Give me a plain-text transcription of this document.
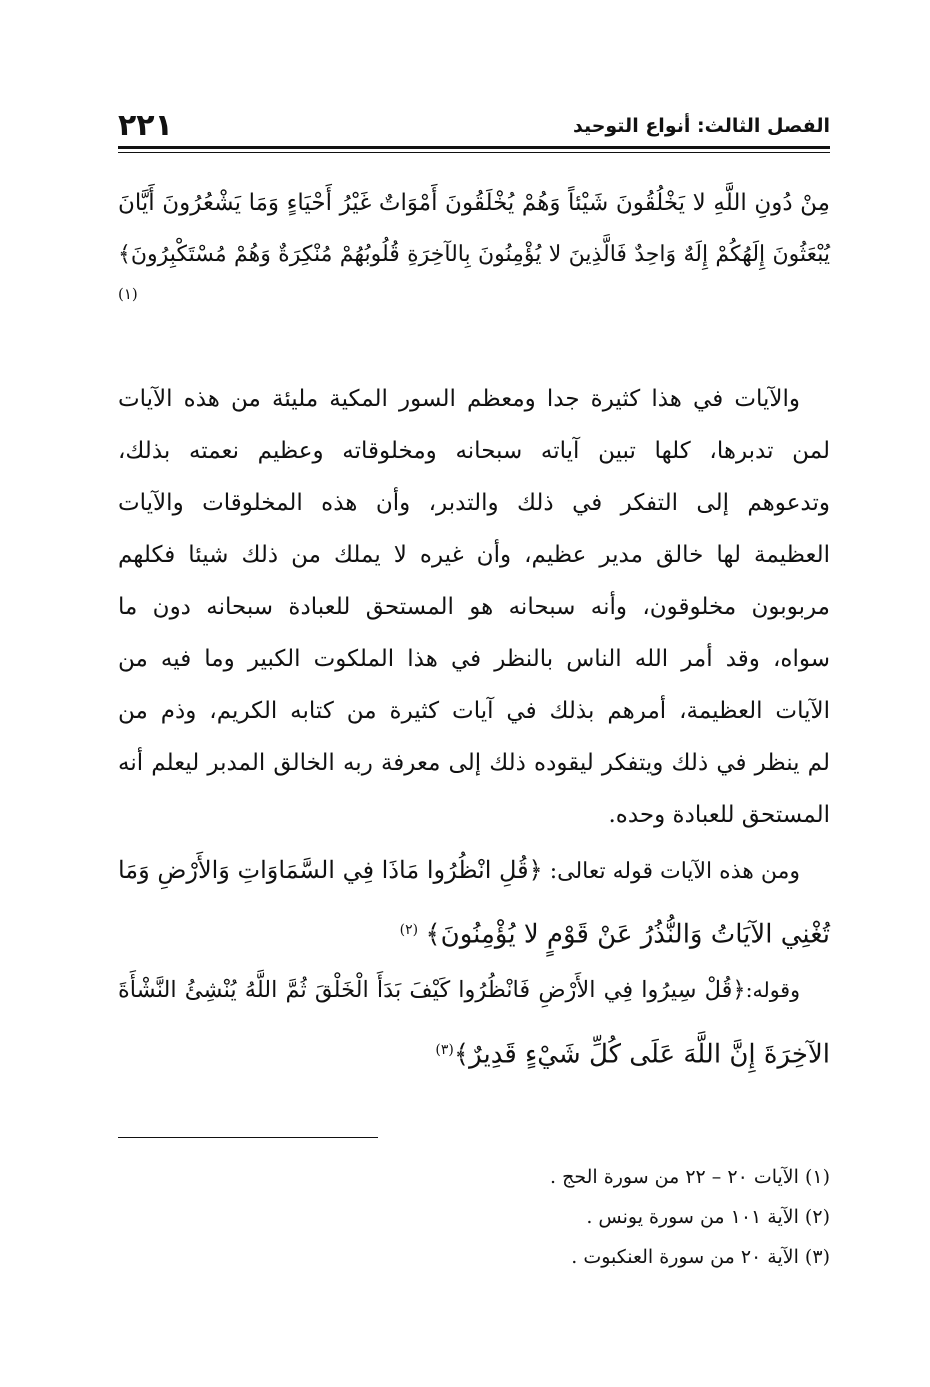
٢٢١	الفصل الثالث: أنواع التوحيد
مِنْ دُونِ اللَّهِ لا يَخْلُقُونَ شَيْئاً وَهُمْ يُخْلَقُونَ أَمْوَاتٌ غَيْرُ أَحْيَاءٍ وَمَا يَشْعُرُونَ أَيَّانَ
يُبْعَثُونَ إِلَهُكُمْ إِلَهٌ وَاحِدٌ فَالَّذِينَ لا يُؤْمِنُونَ بِالآخِرَةِ قُلُوبُهُمْ مُنْكِرَةٌ وَهُمْ مُسْتَكْبِرُونَ﴾
(١)
والآيات في هذا كثيرة جدا ومعظم السور المكية مليئة من هذه الآيات
لمن تدبرها، كلها تبين آياته سبحانه ومخلوقاته وعظيم نعمته بذلك،
وتدعوهم إلى التفكر في ذلك والتدبر، وأن هذه المخلوقات والآيات
العظيمة لها خالق مدير عظيم، وأن غيره لا يملك من ذلك شيئا فكلهم
مربوبون مخلوقون، وأنه سبحانه هو المستحق للعبادة سبحانه دون ما
سواه، وقد أمر الله الناس بالنظر في هذا الملكوت الكبير وما فيه من
الآيات العظيمة، أمرهم بذلك في آيات كثيرة من كتابه الكريم، وذم من
لم ينظر في ذلك ويتفكر ليقوده ذلك إلى معرفة ربه الخالق المدبر ليعلم أنه
المستحق للعبادة وحده.
ومن هذه الآيات قوله تعالى: ﴿قُلِ انْظُرُوا مَاذَا فِي السَّمَاوَاتِ وَالأَرْضِ وَمَا
تُغْنِي الآيَاتُ وَالنُّذُرُ عَنْ قَوْمٍ لا يُؤْمِنُونَ﴾ $^{(٢)}$
وقوله:﴿قُلْ سِيرُوا فِي الأَرْضِ فَانْظُرُوا كَيْفَ بَدَأَ الْخَلْقَ ثُمَّ اللَّهُ يُنْشِئُ النَّشْأَةَ
الآخِرَةَ إِنَّ اللَّهَ عَلَى كُلِّ شَيْءٍ قَدِيرٌ﴾$^{(٣)}$
(١) الآيات ٢٠ – ٢٢ من سورة الحج .
(٢) الآية ١٠١ من سورة يونس .
(٣) الآية ٢٠ من سورة العنكبوت .
